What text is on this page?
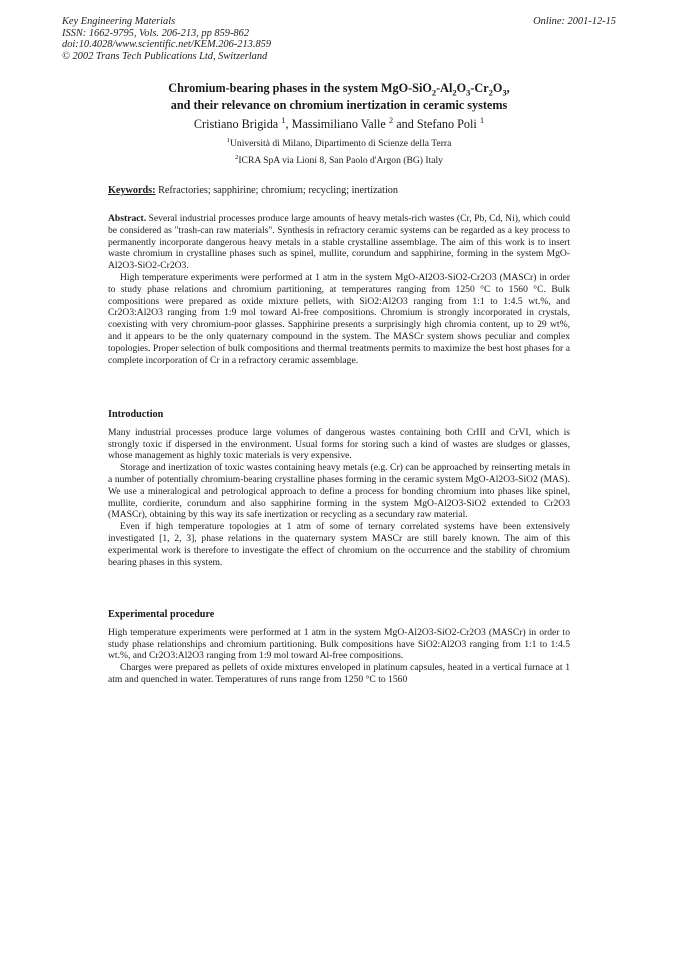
Key Engineering Materials
ISSN: 1662-9795, Vols. 206-213, pp 859-862
doi:10.4028/www.scientific.net/KEM.206-213.859
© 2002 Trans Tech Publications Ltd, Switzerland
Online: 2001-12-15
Chromium-bearing phases in the system MgO-$SiO_2-Al_2O_3-Cr_2O_3$,
and their relevance on chromium inertization in ceramic systems
Cristiano Brigida $^1$, Massimiliano Valle $^2$ and Stefano Poli $^1$
$^1$Università di Milano, Dipartimento di Scienze della Terra
$^2$ICRA SpA via Lioni 8, San Paolo d'Argon (BG) Italy
Keywords: Refractories; sapphirine; chromium; recycling; inertization

Abstract. Several industrial processes produce large amounts of heavy metals-rich wastes (Cr, Pb, Cd, Ni), which could be considered as "trash-can raw materials". Synthesis in refractory ceramic systems can be regarded as a key process to permanently incorporate dangerous heavy metals in a stable crystalline assemblage. The aim of this work is to insert waste chromium in crystalline phases such as spinel, mullite, corundum and sapphirine, forming in the system MgO-Al2O3-SiO2-Cr2O3.

High temperature experiments were performed at 1 atm in the system MgO-Al2O3-SiO2-Cr2O3 (MASCr) in order to study phase relations and chromium partitioning, at temperatures ranging from 1250 °C to 1560 °C. Bulk compositions were prepared as oxide mixture pellets, with SiO2:Al2O3 ranging from 1:1 to 1:4.5 wt.%, and Cr2O3:Al2O3 ranging from 1:9 mol toward Al-free compositions. Chromium is strongly incorporated in crystals, coexisting with very chromium-poor glasses. Sapphirine presents a surprisingly high chromia content, up to 29 wt%, and it appears to be the only quaternary compound in the system. The MASCr system shows peculiar and complex topologies. Proper selection of bulk compositions and thermal treatments permits to maximize the best host phases for a complete incorporation of Cr in a refractory ceramic assemblage.

Introduction

Many industrial processes produce large volumes of dangerous wastes containing both CrIII and CrVI, which is strongly toxic if dispersed in the environment. Usual forms for storing such a kind of wastes are sludges or glasses, whose management as highly toxic materials is very expensive.

Storage and inertization of toxic wastes containing heavy metals (e.g. Cr) can be approached by reinserting metals in a number of potentially chromium-bearing crystalline phases forming in the ceramic system MgO-Al2O3-SiO2 (MAS). We use a mineralogical and petrological approach to define a process for bonding chromium into phases like spinel, mullite, cordierite, corundum and also sapphirine forming in the system MgO-Al2O3-SiO2 extended to Cr2O3 (MASCr), obtaining by this way its safe inertization or recycling as a secundary raw material.

Even if high temperature topologies at 1 atm of some of ternary correlated systems have been extensively investigated [1, 2, 3], phase relations in the quaternary system MASCr are still barely known. The aim of this experimental work is therefore to investigate the effect of chromium on the occurrence and the stability of chromium bearing phases in this system.

Experimental procedure

High temperature experiments were performed at 1 atm in the system MgO-Al2O3-SiO2-Cr2O3 (MASCr) in order to study phase relationships and chromium partitioning. Bulk compositions have SiO2:Al2O3 ranging from 1:1 to 1:4.5 wt.%, and Cr2O3:Al2O3 ranging from 1:9 mol toward Al-free compositions.

Charges were prepared as pellets of oxide mixtures enveloped in platinum capsules, heated in a vertical furnace at 1 atm and quenched in water. Temperatures of runs range from 1250 °C to 1560
